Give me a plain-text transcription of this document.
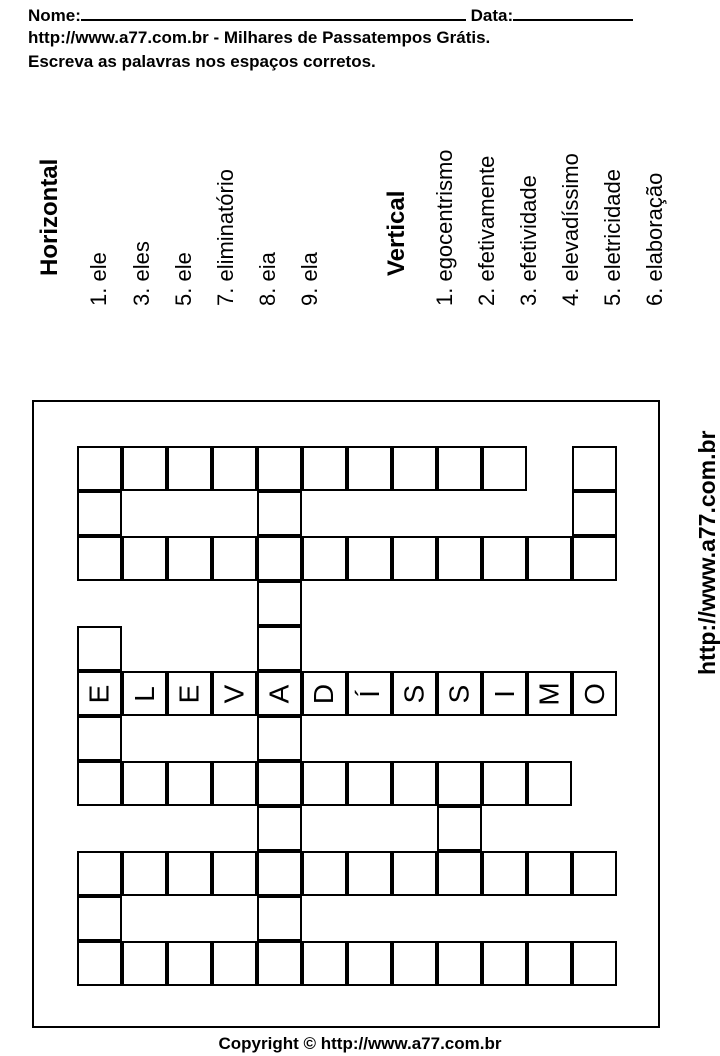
Nome:	Data:
http://www.a77.com.br - Milhares de Passatempos Grátis.
Escreva as palavras nos espaços corretos.
Horizontal
1. ele 3. eles 5. ele 7. eliminatório 8. eia 9. ela
Vertical 1. egocentrismo 2. efetivamente 3. efetividade 4. elevadíssimo 5. eletricidade 6. elaboração
E L E V A D Í S S I M O
http://www.a77.com.br
Copyright © http://www.a77.com.br
